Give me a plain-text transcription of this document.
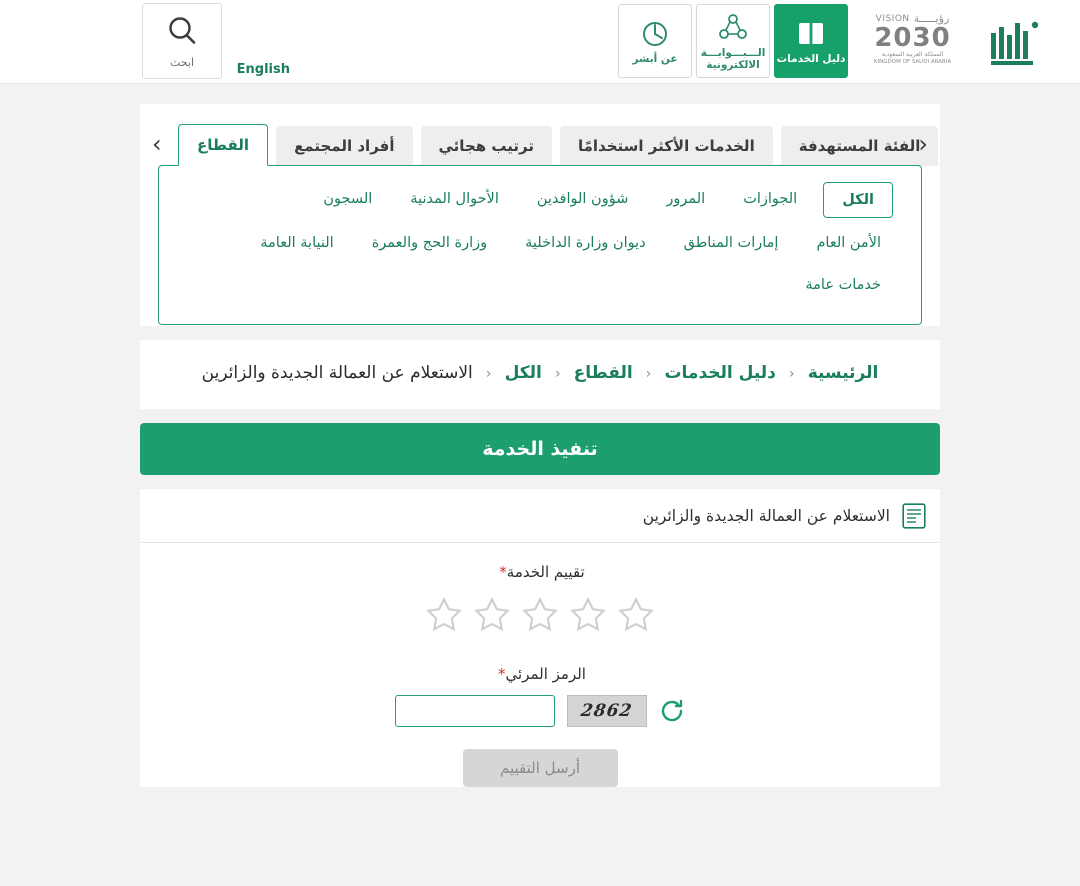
ابحث	English
دليل الخدمات
الـــبـــوابـــة الالكترونية
عن أبشر
رؤيـــــة
VISION
2030
المملكة العربية السعودية
KINGDOM OF SAUDI ARABIA
‹
›	القطاع	أفراد المجتمع	ترتيب هجائي	الخدمات الأكثر استخدامًا	الفئة المستهدفة
الكل
الجوازات
المرور
شؤون الوافدين
الأحوال المدنية
السجون
الأمن العام
إمارات المناطق
ديوان وزارة الداخلية
وزارة الحج والعمرة
النيابة العامة
خدمات عامة
الرئيسية ‹ دليل الخدمات ‹ القطاع ‹ الكل ‹ الاستعلام عن العمالة الجديدة والزائرين
تنفيذ الخدمة
الاستعلام عن العمالة الجديدة والزائرين
تقييم الخدمة*
الرمز المرئي*
2862
أرسل التقييم
